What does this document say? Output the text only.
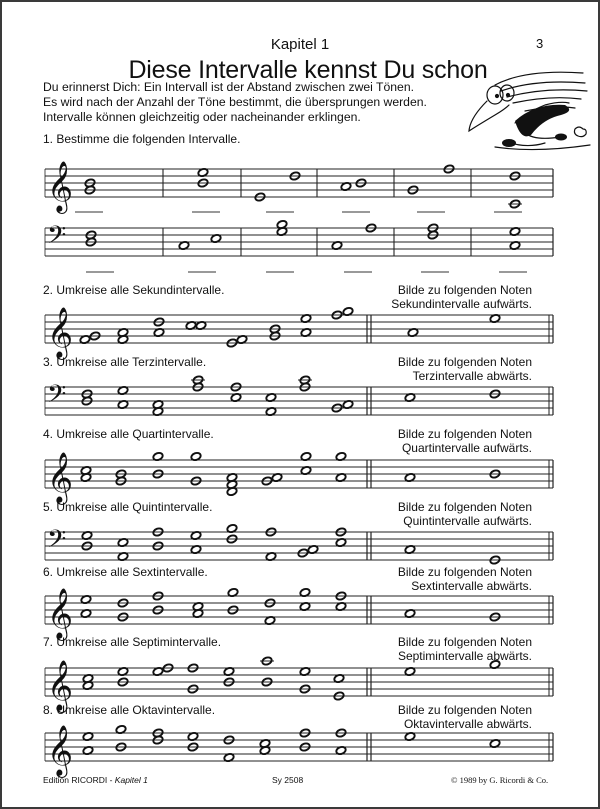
Kapitel 1	3
Diese Intervalle kennst Du schon
Du erinnerst Dich: Ein Intervall ist der Abstand zwischen zwei Tönen.
Es wird nach der Anzahl der Töne bestimmt, die übersprungen werden.
Intervalle können gleichzeitig oder nacheinander erklingen.
1. Bestimme die folgenden Intervalle.
2. Umkreise alle Sekundintervalle.	Bilde zu folgenden Noten
Sekundintervalle aufwärts.
3. Umkreise alle Terzintervalle.	Bilde zu folgenden Noten
Terzintervalle abwärts.
4. Umkreise alle Quartintervalle.	Bilde zu folgenden Noten
Quartintervalle aufwärts.
5. Umkreise alle Quintintervalle.	Bilde zu folgenden Noten
Quintintervalle aufwärts.
6. Umkreise alle Sextintervalle.	Bilde zu folgenden Noten
Sextintervalle abwärts.
7. Umkreise alle Septimintervalle.	Bilde zu folgenden Noten
Septimintervalle abwärts.
8. Umkreise alle Oktavintervalle.	Bilde zu folgenden Noten
Oktavintervalle abwärts.
𝄞
𝄢
𝄞
𝄢
𝄞
𝄢
𝄞
𝄞
𝄞
Edition RICORDI - Kapitel 1	Sy 2508	© 1989 by G. Ricordi & Co.
